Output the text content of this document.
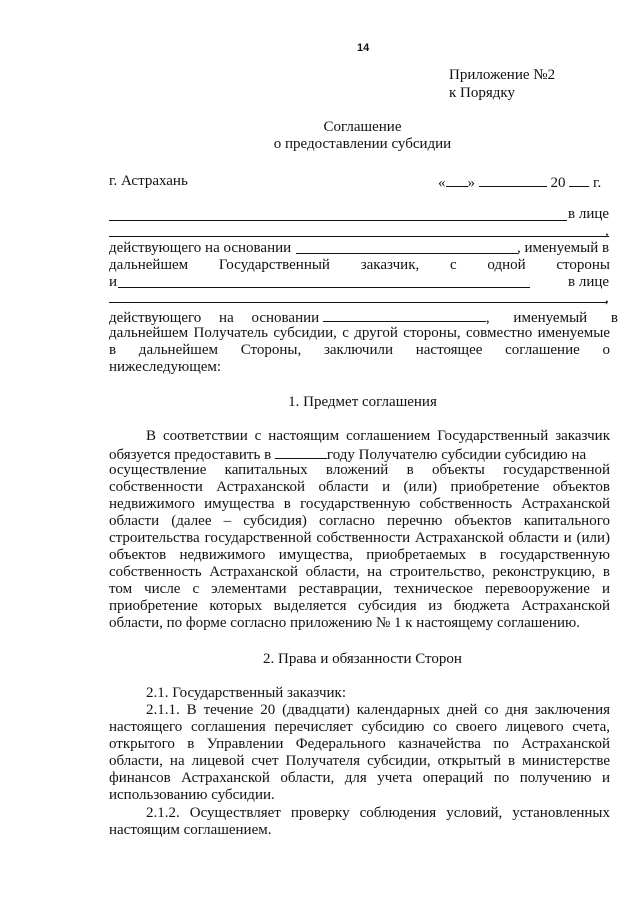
14
Приложение №2
к Порядку
Соглашение
о предоставлении субсидии
г. Астрахань	« »	20 г.
в лице
,
действующего на основании	, именуемый в
дальнейшем Государственный заказчик, с одной стороны
и	в лице
,
действующего на основании	, именуемый в
дальнейшем Получатель субсидии, с другой стороны, совместно именуемые
в дальнейшем Стороны, заключили настоящее соглашение о
нижеследующем:
1. Предмет соглашения
В соответствии с настоящим соглашением Государственный заказчик
обязуется предоставить в	году Получателю субсидии субсидию на
осуществление капитальных вложений в объекты государственной
собственности Астраханской области и (или) приобретение объектов
недвижимого имущества в государственную собственность Астраханской
области (далее – субсидия) согласно перечню объектов капитального
строительства государственной собственности Астраханской области и (или)
объектов недвижимого имущества, приобретаемых в государственную
собственность Астраханской области, на строительство, реконструкцию, в
том числе с элементами реставрации, техническое перевооружение и
приобретение которых выделяется субсидия из бюджета Астраханской
области, по форме согласно приложению № 1 к настоящему соглашению.
2. Права и обязанности Сторон
2.1. Государственный заказчик:
2.1.1. В течение 20 (двадцати) календарных дней со дня заключения
настоящего соглашения перечисляет субсидию со своего лицевого счета,
открытого в Управлении Федерального казначейства по Астраханской
области, на лицевой счет Получателя субсидии, открытый в министерстве
финансов Астраханской области, для учета операций по получению и
использованию субсидии.
2.1.2. Осуществляет проверку соблюдения условий, установленных
настоящим соглашением.
